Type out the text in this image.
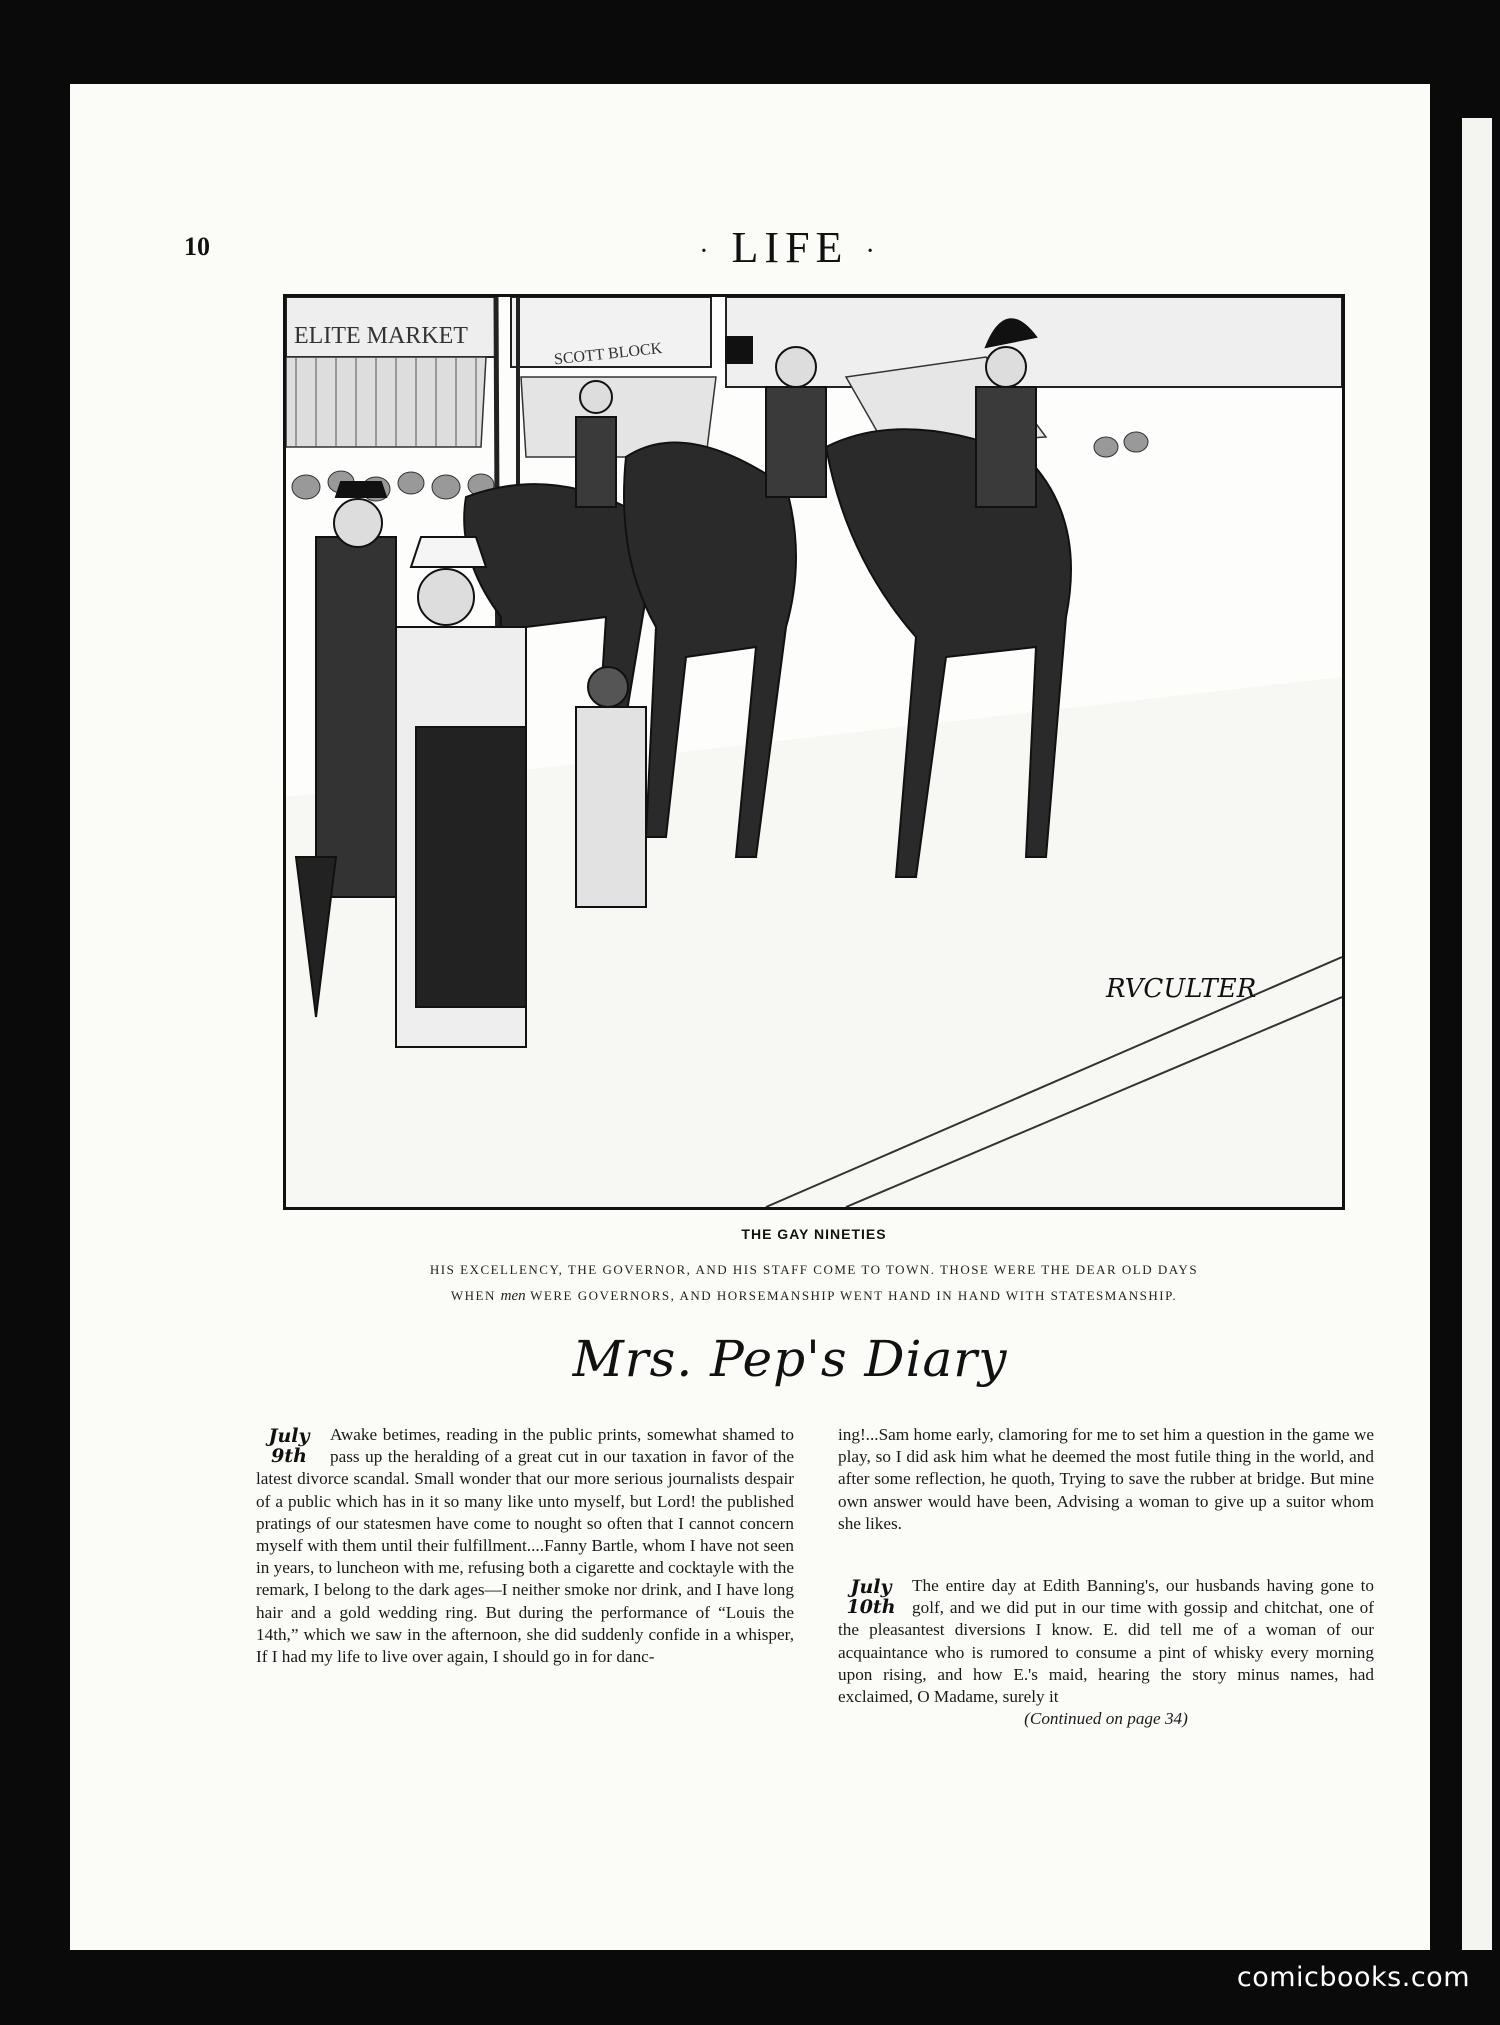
10	· LIFE ·
ELITE MARKET
SCOTT BLOCK
RVCULTER
THE GAY NINETIES
HIS EXCELLENCY, THE GOVERNOR, AND HIS STAFF COME TO TOWN. THOSE WERE THE DEAR OLD DAYS
WHEN men WERE GOVERNORS, AND HORSEMANSHIP WENT HAND IN HAND WITH STATESMANSHIP.
Mrs. Pep's Diary
July
9th

Awake betimes, reading in the public prints, somewhat shamed to pass up the heralding of a great cut in our taxation in favor of the latest divorce scandal. Small wonder that our more serious journalists despair of a public which has in it so many like unto myself, but Lord! the published pratings of our statesmen have come to nought so often that I cannot concern myself with them until their fulfillment....Fanny Bartle, whom I have not seen in years, to luncheon with me, refusing both a cigarette and cocktayle with the remark, I belong to the dark ages—I neither smoke nor drink, and I have long hair and a gold wedding ring. But during the performance of “Louis the 14th,” which we saw in the afternoon, she did suddenly confide in a whisper, If I had my life to live over again, I should go in for danc-

ing!...Sam home early, clamoring for me to set him a question in the game we play, so I did ask him what he deemed the most futile thing in the world, and after some reflection, he quoth, Trying to save the rubber at bridge. But mine own answer would have been, Advising a woman to give up a suitor whom she likes.

July
10th

The entire day at Edith Banning's, our husbands having gone to golf, and we did put in our time with gossip and chitchat, one of the pleasantest diversions I know. E. did tell me of a woman of our acquaintance who is rumored to consume a pint of whisky every morning upon rising, and how E.'s maid, hearing the story minus names, had exclaimed, O Madame, surely it

(Continued on page 34)

comicbooks.com
